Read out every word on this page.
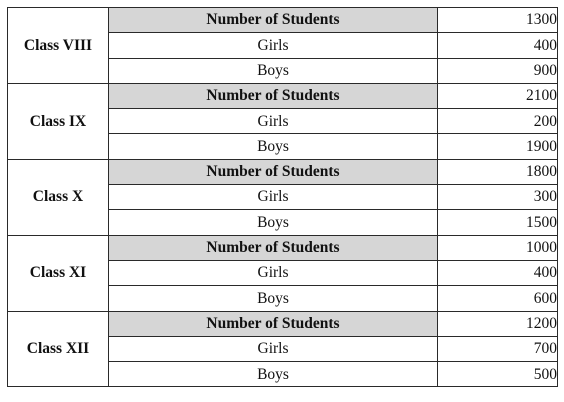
Class VIII	Number of Students	1300
	Girls	400
	Boys	900
Class IX	Number of Students	2100
	Girls	200
	Boys	1900
Class X	Number of Students	1800
	Girls	300
	Boys	1500
Class XI	Number of Students	1000
	Girls	400
	Boys	600
Class XII	Number of Students	1200
	Girls	700
	Boys	500
